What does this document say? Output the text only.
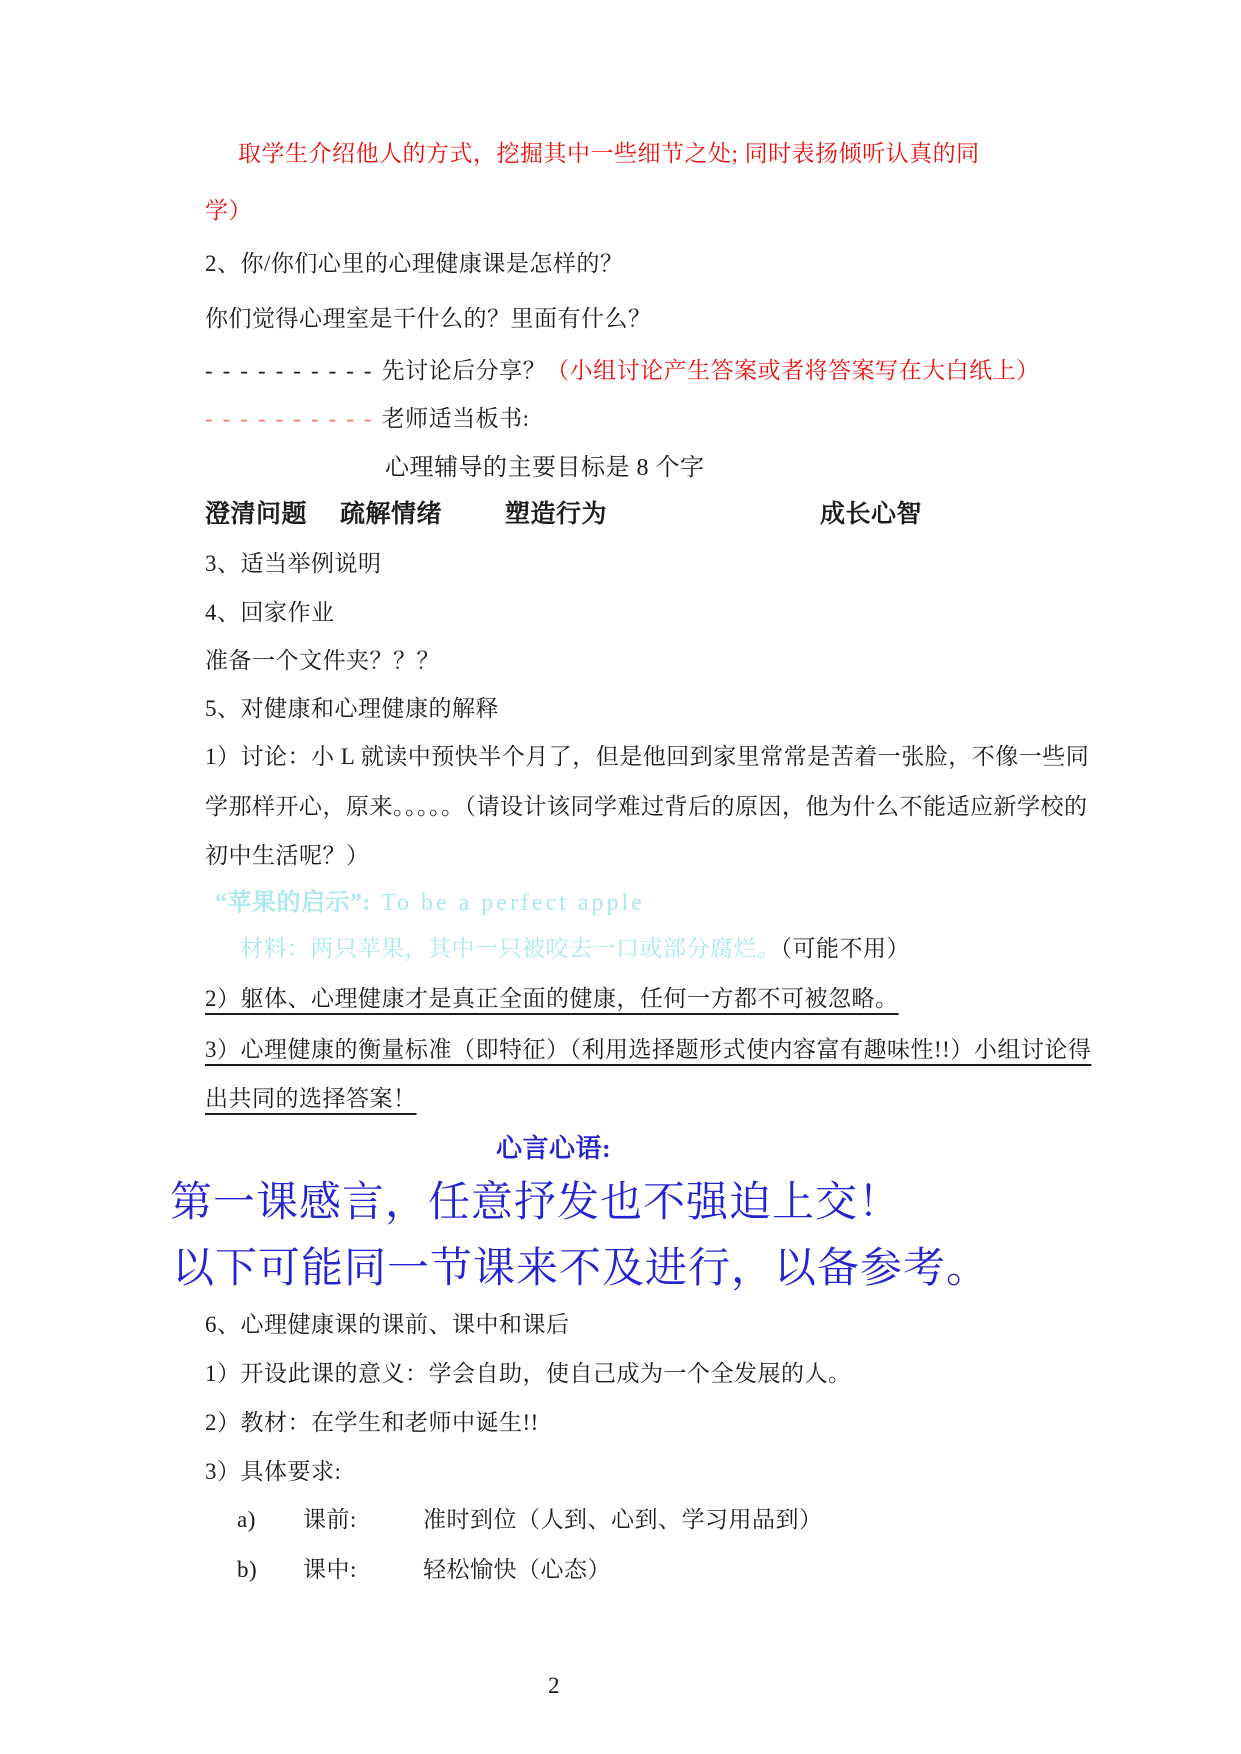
取学生介绍他人的方式，挖掘其中一些细节之处; 同时表扬倾听认真的同
学）
2、你/你们心里的心理健康课是怎样的？
你们觉得心理室是干什么的？里面有什么？
----------先讨论后分享？（小组讨论产生答案或者将答案写在大白纸上）
----------老师适当板书:
心理辅导的主要目标是 8 个字
澄清问题 疏解情绪	塑造行为	成长心智
3、适当举例说明
4、回家作业
准备一个文件夹？？？
5、对健康和心理健康的解释
1）讨论：小 L 就读中预快半个月了，但是他回到家里常常是苦着一张脸，不像一些同
学那样开心，原来。。。。。（请设计该同学难过背后的原因，他为什么不能适应新学校的
初中生活呢？）
“苹果的启示”: To be a perfect apple
材料：两只苹果，其中一只被咬去一口或部分腐烂。（可能不用）
2）躯体、心理健康才是真正全面的健康，任何一方都不可被忽略。
3）心理健康的衡量标准（即特征）（利用选择题形式使内容富有趣味性!!）小组讨论得
出共同的选择答案！
心言心语:
第一课感言，任意抒发也不强迫上交！
以下可能同一节课来不及进行，以备参考。
6、心理健康课的课前、课中和课后
1）开设此课的意义：学会自助，使自己成为一个全发展的人。
2）教材：在学生和老师中诞生!!
3）具体要求:
a) 课前:	准时到位（人到、心到、学习用品到）
b) 课中:	轻松愉快（心态）
2
